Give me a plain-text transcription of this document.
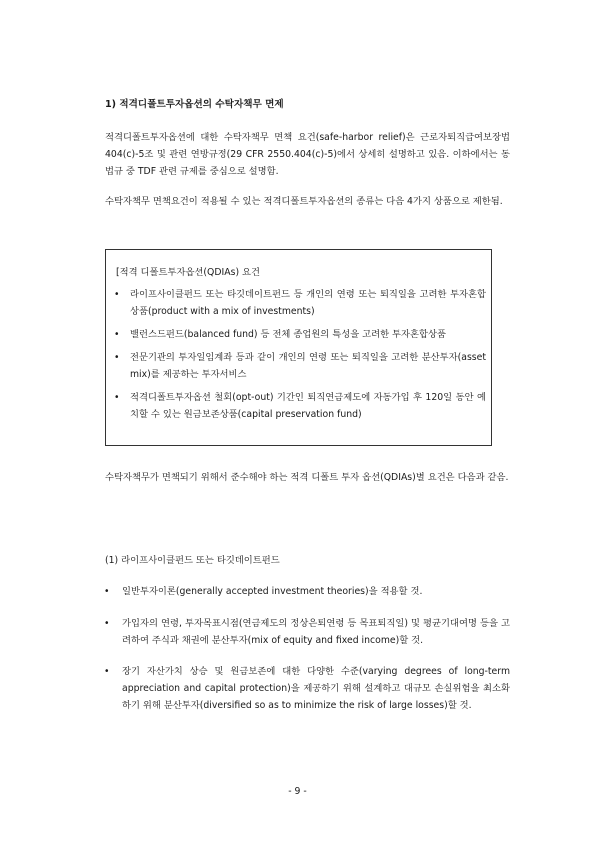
1) 적격디폴트투자옵션의 수탁자책무 면제

적격디폴트투자옵션에 대한 수탁자책무 면책 요건(safe-harbor relief)은 근로자퇴직급여보장법 404(c)-5조 및 관련 연방규정(29 CFR 2550.404(c)-5)에서 상세히 설명하고 있음. 이하에서는 동 법규 중 TDF 관련 규제를 중심으로 설명함.

수탁자책무 면책요건이 적용될 수 있는 적격디폴트투자옵션의 종류는 다음 4가지 상품으로 제한됨.

[적격 디폴트투자옵션(QDIAs) 요건

• 라이프사이클펀드 또는 타깃데이트펀드 등 개인의 연령 또는 퇴직일을 고려한 투자혼합상품(product with a mix of investments)
• 밸런스드펀드(balanced fund) 등 전체 종업원의 특성을 고려한 투자혼합상품
• 전문기관의 투자일임계좌 등과 같이 개인의 연령 또는 퇴직일을 고려한 분산투자(asset mix)를 제공하는 투자서비스
• 적격디폴트투자옵션 철회(opt-out) 기간인 퇴직연금제도에 자동가입 후 120일 동안 예치할 수 있는 원금보존상품(capital preservation fund)

수탁자책무가 면책되기 위해서 준수해야 하는 적격 디폴트 투자 옵션(QDIAs)별 요건은 다음과 같음.

(1) 라이프사이클펀드 또는 타깃데이트펀드

• 일반투자이론(generally accepted investment theories)을 적용할 것.
• 가입자의 연령, 투자목표시점(연금제도의 정상은퇴연령 등 목표퇴직일) 및 평균기대여명 등을 고려하여 주식과 채권에 분산투자(mix of equity and fixed income)할 것.
• 장기 자산가치 상승 및 원금보존에 대한 다양한 수준(varying degrees of long-term appreciation and capital protection)을 제공하기 위해 설계하고 대규모 손실위험을 최소화하기 위해 분산투자(diversified so as to minimize the risk of large losses)할 것.

- 9 -
